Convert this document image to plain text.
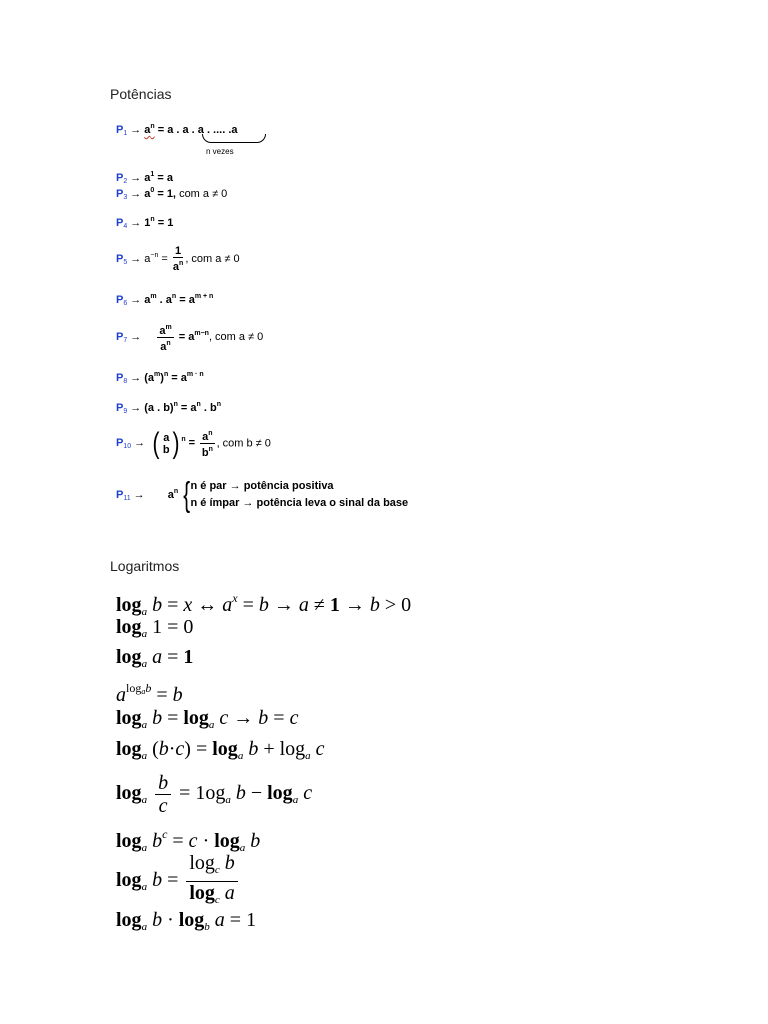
Potências
$P_1 \to a^n = a$ . a . a . .... .a
n vezes
$P_2 \to a^1 = a$
$P_3 \to a^0 = 1$, com a ≠ 0
$P_4 \to 1^n = 1$
$P_5 \to a^{-n} = \frac{1}{a^n}$ , com a ≠ 0
$P_6 \to a^m$ . $a^n = a^{m + n}$
$P_7 \to \frac{a^m}{a^n} = a^{m-n}$, com a ≠ 0
$P_8 \to (a^m)^n = a^{m \cdot n}$
$P_9 \to (a$ . $b)^n = a^n$ . $b^n$
$P_{10}$ → ( a
b ) $^n = \frac{a^n}{b^n}$ , com b ≠ 0
$P_{11} \to a^n$ { n é par → potência positiva
n é ímpar → potência leva o sinal da base
Logaritmos
$\log_a b = x$ ↔ $a^x = b \to a \ne 1 \to b > 0$
$\log_a 1 = 0$
$\log_a a = 1$
$a^{log_ab} = b$
$\log_a b = \log_a c \to b = c$
$\log_a (b\cdot c) = \log_a b + \log_a c$
$\log_a \frac{b}{c} = 1og_a$ $b - \log_a c$
$\log_a b^c = c \cdot \log_a b$
$\log_a b = \frac{\log_c b}{\log_c a}$
$\log_a b \cdot \log_b a = 1$
